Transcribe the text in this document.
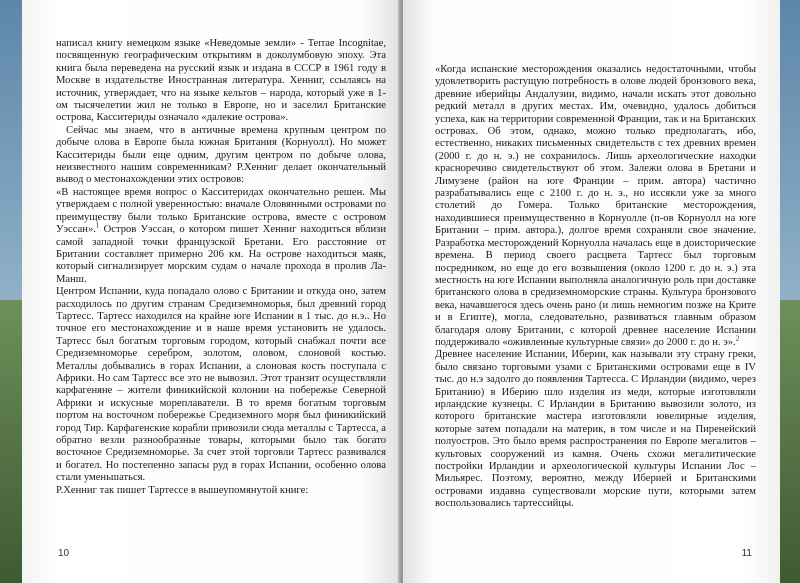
написал книгу немецком языке «Неведомые земли» - Terrae Incognitae, посвященную географическим открытиям в доколумбовую эпоху. Эта книга была переведена на русский язык и издана в СССР в 1961 году в Москве в издательстве Иностранная литература. Хенниг, ссылаясь на источник, утверждает, что на языке кельтов – народа, который уже в 1-ом тысячелетии жил не только в Европе, но и заселил Британские острова, Касситериды означало «далекие острова».

Сейчас мы знаем, что в античные времена крупным центром по добыче олова в Европе была южная Британия (Корнуолл). Но может Касситериды были еще одним, другим центром по добыче олова, неизвестного нашим современникам? Р.Хенниг делает окончательный вывод о местонахождении этих островов:

«В настоящее время вопрос о Касситеридах окончательно решен. Мы утверждаем с полной уверенностью: вначале Оловянными островами по преимуществу были только Британские острова, вместе с островом Уэссан».$^1$ Остров Уэссан, о котором пишет Хенниг находиться вблизи самой западной точки французской Бретани. Его расстояние от Британии составляет примерно 206 км. На острове находиться маяк, который сигнализирует морским судам о начале прохода в пролив Ла-Манш.

Центром Испании, куда попадало олово с Британии и откуда оно, затем расходилось по другим странам Средиземноморья, был древний город Тартесс. Тартесс находился на крайне юге Испании в 1 тыс. до н.э.. Но точное его местонахождение и в наше время установить не удалось. Тартесс был богатым торговым городом, который снабжал почти все Средиземноморье серебром, золотом, оловом, слоновой костью. Металлы добывались в горах Испании, а слоновая кость поступала с Африки. Но сам Тартесс все это не вывозил. Этот транзит осуществляли карфагеняне – жители финикийской колонии на побережье Северной Африки и искусные мореплаватели. В то время богатым торговым портом на восточном побережье Средиземного моря был финикийский город Тир. Карфагенские корабли привозили сюда металлы с Тартесса, а обратно везли разнообразные товары, которыми было так богато восточное Средиземноморье. За счет этой торговли Тартесс развивался и богател. Но постепенно запасы руд в горах Испании, особенно олова стали уменьшаться.

Р.Хенниг так пишет Тартессе в вышеупомянутой книге:

10

«Когда испанские месторождения оказались недостаточными, чтобы удовлетворить растущую потребность в олове людей бронзового века, древние иберийцы Андалузии, видимо, начали искать этот довольно редкий металл в других местах. Им, очевидно, удалось добиться успеха, как на территории современной Франции, так и на Британских островах. Об этом, однако, можно только предполагать, ибо, естественно, никаких письменных свидетельств с тех древних времен (2000 г. до н. э.) не сохранилось. Лишь археологические находки красноречиво свидетельствуют об этом. Залежи олова в Бретани и Лимузене (район на юге Франции – прим. автора) частично разрабатывались еще с 2100 г. до н. э., но иссякли уже за много столетий до Гомера. Только британские месторождения, находившиеся преимущественно в Корнуолле (п-ов Корнуолл на юге Британии – прим. автора.), долгое время сохраняли свое значение. Разработка месторождений Корнуолла началась еще в доисторические времена. В период своего расцвета Тартесс был торговым посредником, но еще до его возвышения (около 1200 г. до н. э.) эта местность на юге Испании выполняла аналогичную роль при доставке британского олова в средиземноморские страны. Культура бронзового века, начавшегося здесь очень рано (и лишь немногим позже на Крите и в Египте), могла, следовательно, развиваться главным образом благодаря олову Британии, с которой древнее население Испании поддерживало «оживленные культурные связи» до 2000 г. до н. э».$^2$

Древнее население Испании, Иберии, как называли эту страну греки, было связано торговыми узами с Британскими островами еще в IV тыс. до н.э задолго до появления Тартесса. С Ирландии (видимо, через Британию) в Иберию шло изделия из меди, которые изготовляли ирландские кузнецы. С Ирландии в Британию вывозили золото, из которого британские мастера изготовляли ювелирные изделия, которые затем попадали на материк, в том числе и на Пиренейский полуостров. Это было время распространения по Европе мегалитов – культовых сооружений из камня. Очень схожи мегалитические постройки Ирландии и археологической культуры Испании Лос – Мильярес. Поэтому, вероятно, между Иберией и Британскими островами издавна существовали морские пути, которыми затем воспользовались тартессийцы.

11
